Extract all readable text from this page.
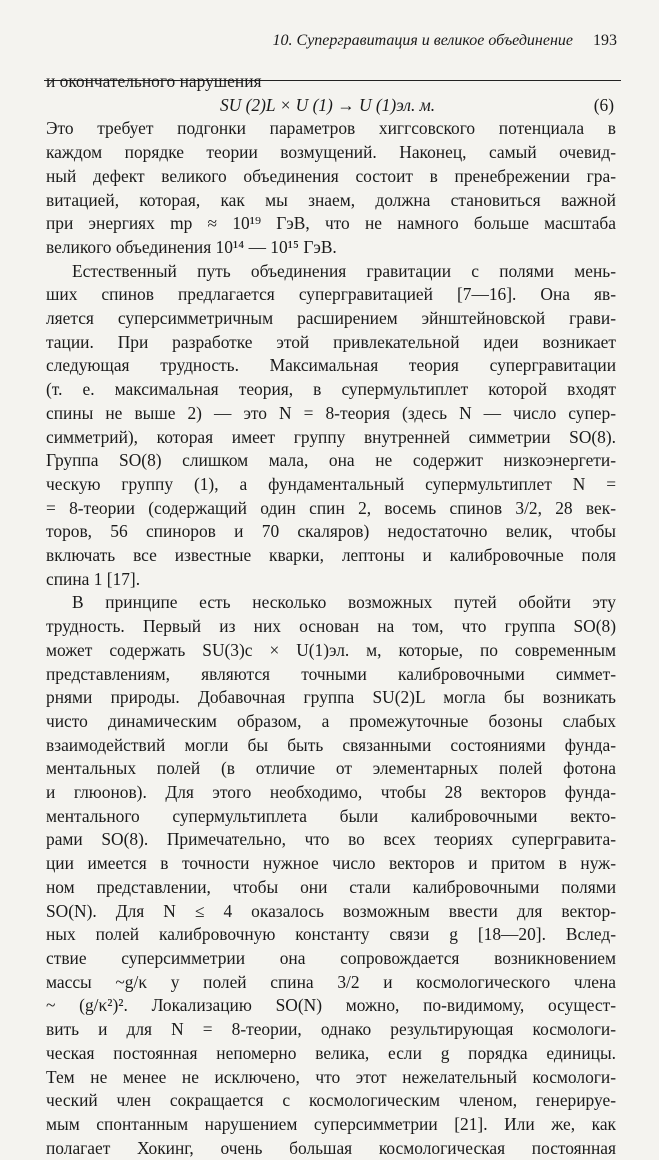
10. Супергравитация и великое объединение 193
и окончательного нарушения
SU (2)L × U (1) → U (1)эл. м.	(6)
Это требует подгонки параметров хиггсовского потенциала в
каждом порядке теории возмущений. Наконец, самый очевид-
ный дефект великого объединения состоит в пренебрежении гра-
витацией, которая, как мы знаем, должна становиться важной
при энергиях mp ≈ 10¹⁹ ГэВ, что не намного больше масштаба
великого объединения 10¹⁴ — 10¹⁵ ГэВ.
Естественный путь объединения гравитации с полями мень-
ших спинов предлагается супергравитацией [7—16]. Она яв-
ляется суперсимметричным расширением эйнштейновской грави-
тации. При разработке этой привлекательной идеи возникает
следующая трудность. Максимальная теория супергравитации
(т. е. максимальная теория, в супермультиплет которой входят
спины не выше 2) — это N = 8-теория (здесь N — число супер-
симметрий), которая имеет группу внутренней симметрии SO(8).
Группа SO(8) слишком мала, она не содержит низкоэнергети-
ческую группу (1), а фундаментальный супермультиплет N =
= 8-теории (содержащий один спин 2, восемь спинов 3/2, 28 век-
торов, 56 спиноров и 70 скаляров) недостаточно велик, чтобы
включать все известные кварки, лептоны и калибровочные поля
спина 1 [17].
В принципе есть несколько возможных путей обойти эту
трудность. Первый из них основан на том, что группа SO(8)
может содержать SU(3)c × U(1)эл. м, которые, по современным
представлениям, являются точными калибровочными симмет-
рнями природы. Добавочная группа SU(2)L могла бы возникать
чисто динамическим образом, а промежуточные бозоны слабых
взаимодействий могли бы быть связанными состояниями фунда-
ментальных полей (в отличие от элементарных полей фотона
и глюонов). Для этого необходимо, чтобы 28 векторов фунда-
ментального супермультиплета были калибровочными векто-
рами SO(8). Примечательно, что во всех теориях супергравита-
ции имеется в точности нужное число векторов и притом в нуж-
ном представлении, чтобы они стали калибровочными полями
SO(N). Для N ≤ 4 оказалось возможным ввести для вектор-
ных полей калибровочную константу связи g [18—20]. Вслед-
ствие суперсимметрии она сопровождается возникновением
массы ~g/κ у полей спина 3/2 и космологического члена
~ (g/κ²)². Локализацию SO(N) можно, по-видимому, осущест-
вить и для N = 8-теории, однако результирующая космологи-
ческая постоянная непомерно велика, если g порядка единицы.
Тем не менее не исключено, что этот нежелательный космологи-
ческий член сокращается с космологическим членом, генерируе-
мым спонтанным нарушением суперсимметрии [21]. Или же, как
полагает Хокинг, очень большая космологическая постоянная
